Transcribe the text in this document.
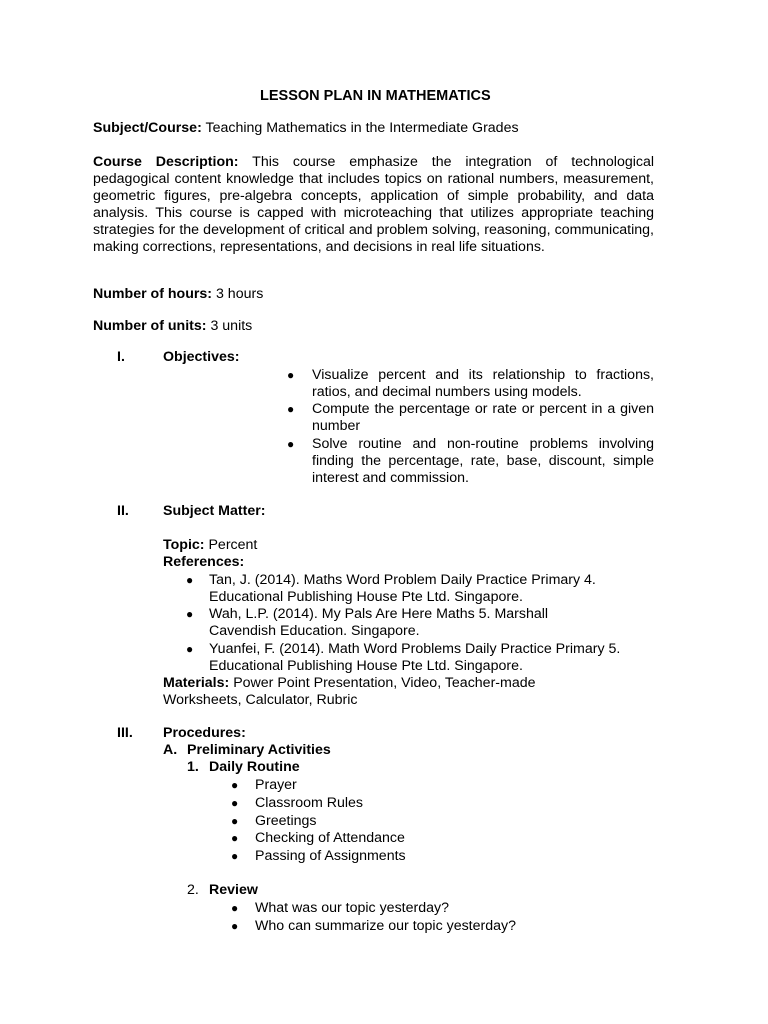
LESSON PLAN IN MATHEMATICS
Subject/Course: Teaching Mathematics in the Intermediate Grades
Course Description: This course emphasize the integration of technological pedagogical content knowledge that includes topics on rational numbers, measurement, geometric figures, pre-algebra concepts, application of simple probability, and data analysis. This course is capped with microteaching that utilizes appropriate teaching strategies for the development of critical and problem solving, reasoning, communicating, making corrections, representations, and decisions in real life situations.
Number of hours: 3 hours
Number of units: 3 units
I.	Objectives:
● Visualize percent and its relationship to fractions, ratios, and decimal numbers using models.
● Compute the percentage or rate or percent in a given number
● Solve routine and non-routine problems involving finding the percentage, rate, base, discount, simple interest and commission.
II. Subject Matter:
Topic: Percent
References:
● Tan, J. (2014). Maths Word Problem Daily Practice Primary 4. Educational Publishing House Pte Ltd. Singapore.
● Wah, L.P. (2014). My Pals Are Here Maths 5. Marshall Cavendish Education. Singapore.
● Yuanfei, F. (2014). Math Word Problems Daily Practice Primary 5. Educational Publishing House Pte Ltd. Singapore.
Materials: Power Point Presentation, Video, Teacher-made Worksheets, Calculator, Rubric
III. Procedures:
A. Preliminary Activities
1. Daily Routine
● Prayer
● Classroom Rules
● Greetings
● Checking of Attendance
● Passing of Assignments
2. Review
● What was our topic yesterday?
● Who can summarize our topic yesterday?
